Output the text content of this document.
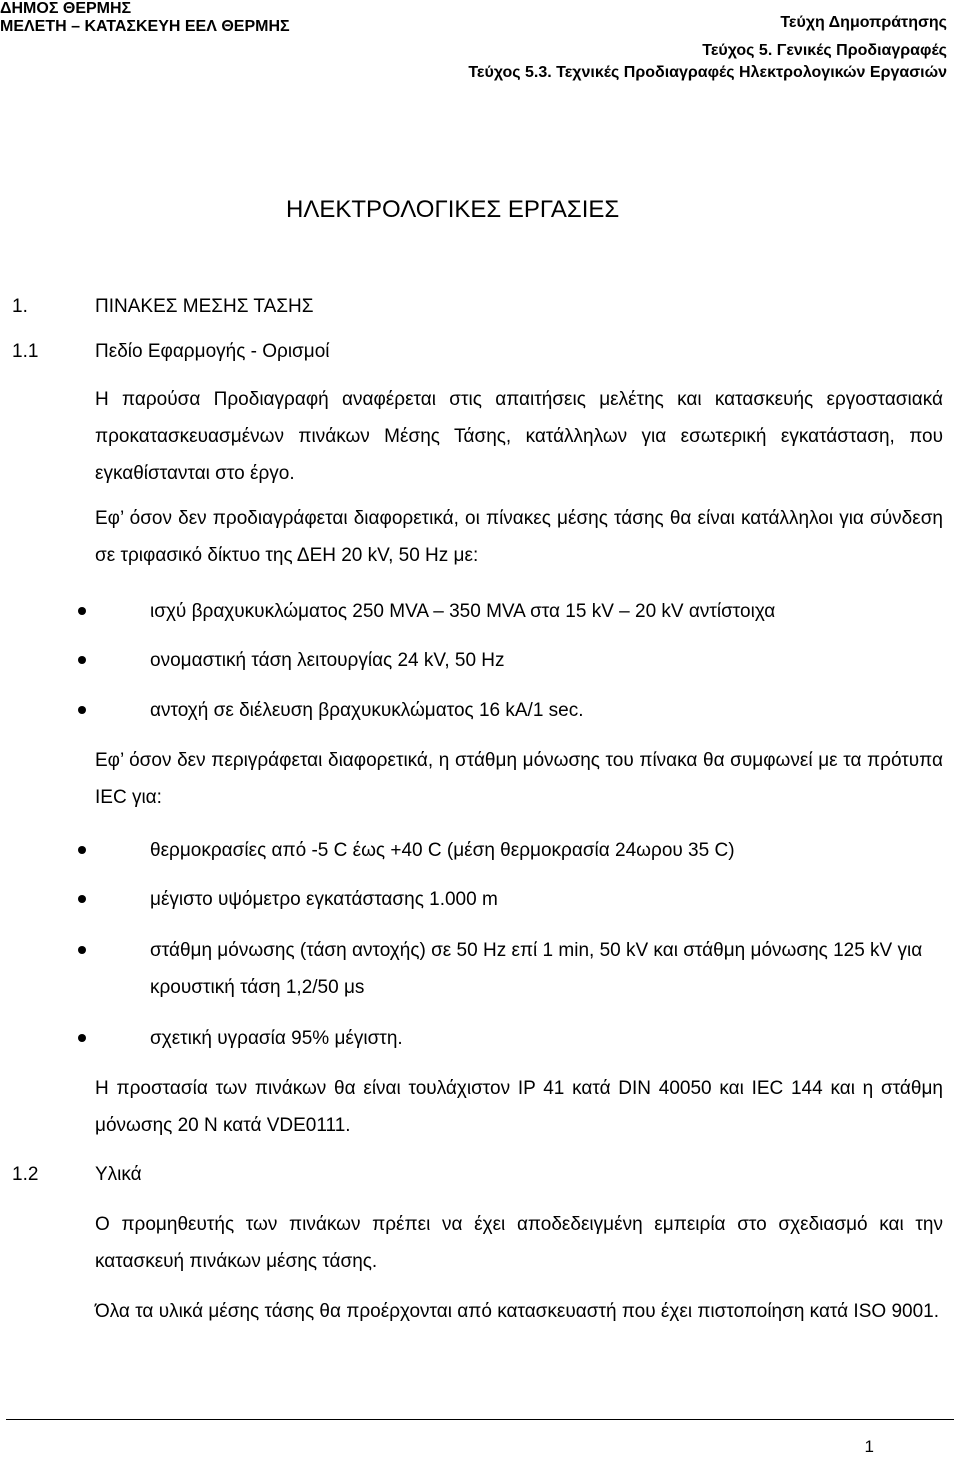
ΔΗΜΟΣ ΘΕΡΜΗΣ
ΜΕΛΕΤΗ – ΚΑΤΑΣΚΕΥΗ ΕΕΛ ΘΕΡΜΗΣ	Τεύχη Δημοπράτησης
Τεύχος 5. Γενικές Προδιαγραφές
Τεύχος 5.3. Τεχνικές Προδιαγραφές Ηλεκτρολογικών Εργασιών
ΗΛΕΚΤΡΟΛΟΓΙΚΕΣ ΕΡΓΑΣΙΕΣ
1.	ΠΙΝΑΚΕΣ ΜΕΣΗΣ ΤΑΣΗΣ
1.1	Πεδίο Εφαρμογής - Ορισμοί
Η παρούσα Προδιαγραφή αναφέρεται στις απαιτήσεις μελέτης και κατασκευής εργοστασιακά προκατασκευασμένων πινάκων Μέσης Τάσης, κατάλληλων για εσωτερική εγκατάσταση, που εγκαθίστανται στο έργο.
Εφ’ όσον δεν προδιαγράφεται διαφορετικά, οι πίνακες μέσης τάσης θα είναι κατάλληλοι για σύνδεση σε τριφασικό δίκτυο της ΔΕΗ 20 kV, 50 Hz με:
ισχύ βραχυκυκλώματος 250 MVA – 350 MVA στα 15 kV – 20 kV αντίστοιχα
ονομαστική τάση λειτουργίας 24 kV, 50 Hz
αντοχή σε διέλευση βραχυκυκλώματος 16 kA/1 sec.
Εφ’ όσον δεν περιγράφεται διαφορετικά, η στάθμη μόνωσης του πίνακα θα συμφωνεί με τα πρότυπα IEC για:
θερμοκρασίες από -5 C έως +40 C (μέση θερμοκρασία 24ωρου 35 C)
μέγιστο υψόμετρο εγκατάστασης 1.000 m
στάθμη μόνωσης (τάση αντοχής) σε 50 Hz επί 1 min, 50 kV και στάθμη μόνωσης 125 kV για κρουστική τάση 1,2/50 μs
σχετική υγρασία 95% μέγιστη.
Η προστασία των πινάκων θα είναι τουλάχιστον IP 41 κατά DIN 40050 και IEC 144 και η στάθμη μόνωσης 20 Ν κατά VDE0111.
1.2	Υλικά
Ο προμηθευτής των πινάκων πρέπει να έχει αποδεδειγμένη εμπειρία στο σχεδιασμό και την κατασκευή πινάκων μέσης τάσης.
Όλα τα υλικά μέσης τάσης θα προέρχονται από κατασκευαστή που έχει πιστοποίηση κατά ISO 9001.
1
